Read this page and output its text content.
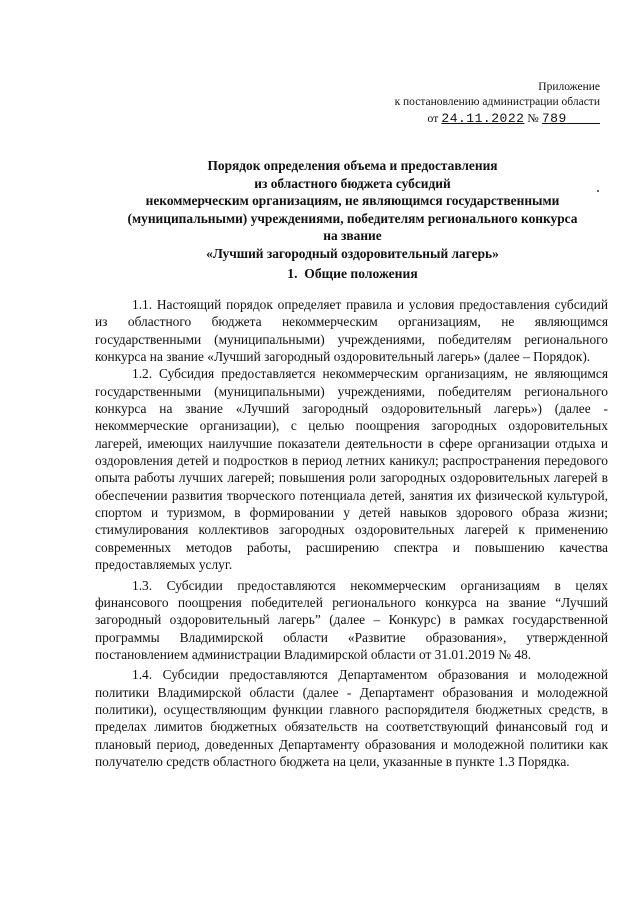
Приложение
к постановлению администрации области
от 24.11.2022 № 789
Порядок определения объема и предоставления
из областного бюджета субсидий
некоммерческим организациям, не являющимся государственными
(муниципальными) учреждениями, победителям регионального конкурса
на звание
«Лучший загородный оздоровительный лагерь»
1. Общие положения

1.1. Настоящий порядок определяет правила и условия предоставления субсидий из областного бюджета некоммерческим организациям, не являющимся государственными (муниципальными) учреждениями, победителям регионального конкурса на звание «Лучший загородный оздоровительный лагерь» (далее – Порядок).

1.2. Субсидия предоставляется некоммерческим организациям, не являющимся государственными (муниципальными) учреждениями, победителям регионального конкурса на звание «Лучший загородный оздоровительный лагерь») (далее - некоммерческие организации), с целью поощрения загородных оздоровительных лагерей, имеющих наилучшие показатели деятельности в сфере организации отдыха и оздоровления детей и подростков в период летних каникул; распространения передового опыта работы лучших лагерей; повышения роли загородных оздоровительных лагерей в обеспечении развития творческого потенциала детей, занятия их физической культурой, спортом и туризмом, в формировании у детей навыков здорового образа жизни; стимулирования коллективов загородных оздоровительных лагерей к применению современных методов работы, расширению спектра и повышению качества предоставляемых услуг.

1.3. Субсидии предоставляются некоммерческим организациям в целях финансового поощрения победителей регионального конкурса на звание “Лучший загородный оздоровительный лагерь” (далее – Конкурс) в рамках государственной программы Владимирской области «Развитие образования», утвержденной постановлением администрации Владимирской области от 31.01.2019 № 48.

1.4. Субсидии предоставляются Департаментом образования и молодежной политики Владимирской области (далее - Департамент образования и молодежной политики), осуществляющим функции главного распорядителя бюджетных средств, в пределах лимитов бюджетных обязательств на соответствующий финансовый год и плановый период, доведенных Департаменту образования и молодежной политики как получателю средств областного бюджета на цели, указанные в пункте 1.3 Порядка.
